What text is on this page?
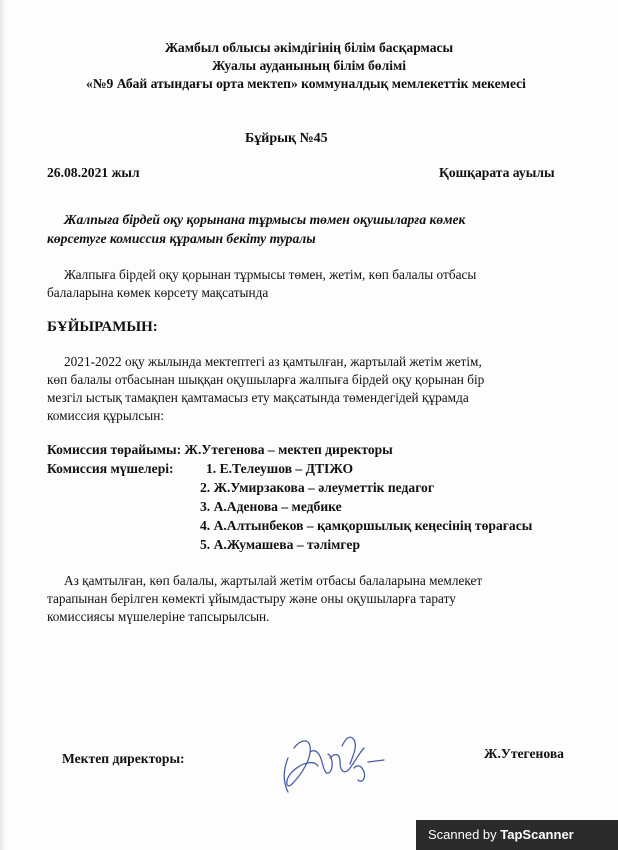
Жамбыл облысы әкімдігінің білім басқармасы
Жуалы ауданының білім бөлімі
«№9 Абай атындағы орта мектеп» коммуналдық мемлекеттік мекемесі
Бұйрық №45
26.08.2021 жыл	Қошқарата ауылы
Жалпыға бірдей оқу қорынана тұрмысы төмен оқушыларға көмек
көрсетуге комиссия құрамын бекіту туралы
Жалпыға бірдей оқу қорынан тұрмысы төмен, жетім, көп балалы отбасы
балаларына көмек көрсету мақсатында
БҰЙЫРАМЫН:
2021-2022 оқу жылында мектептегі аз қамтылған, жартылай жетім жетім,
көп балалы отбасынан шыққан оқушыларға жалпыға бірдей оқу қорынан бір
мезгіл ыстық тамақпен қамтамасыз ету мақсатында төмендегідей құрамда
комиссия құрылсын:
Комиссия төрайымы: Ж.Утегенова – мектеп директоры
Комиссия мүшелері: 1. Е.Телеушов – ДТІЖО
2. Ж.Умирзакова – әлеуметтік педагог
3. А.Аденова – медбике
4. А.Алтынбеков – қамқоршылық кеңесінің төрағасы
5. А.Жумашева – тәлімгер
Аз қамтылған, көп балалы, жартылай жетім отбасы балаларына мемлекет
тарапынан берілген көмекті ұйымдастыру және оны оқушыларға тарату
комиссиясы мүшелеріне тапсырылсын.
Мектеп директоры:	Ж.Утегенова
Scanned by TapScanner
